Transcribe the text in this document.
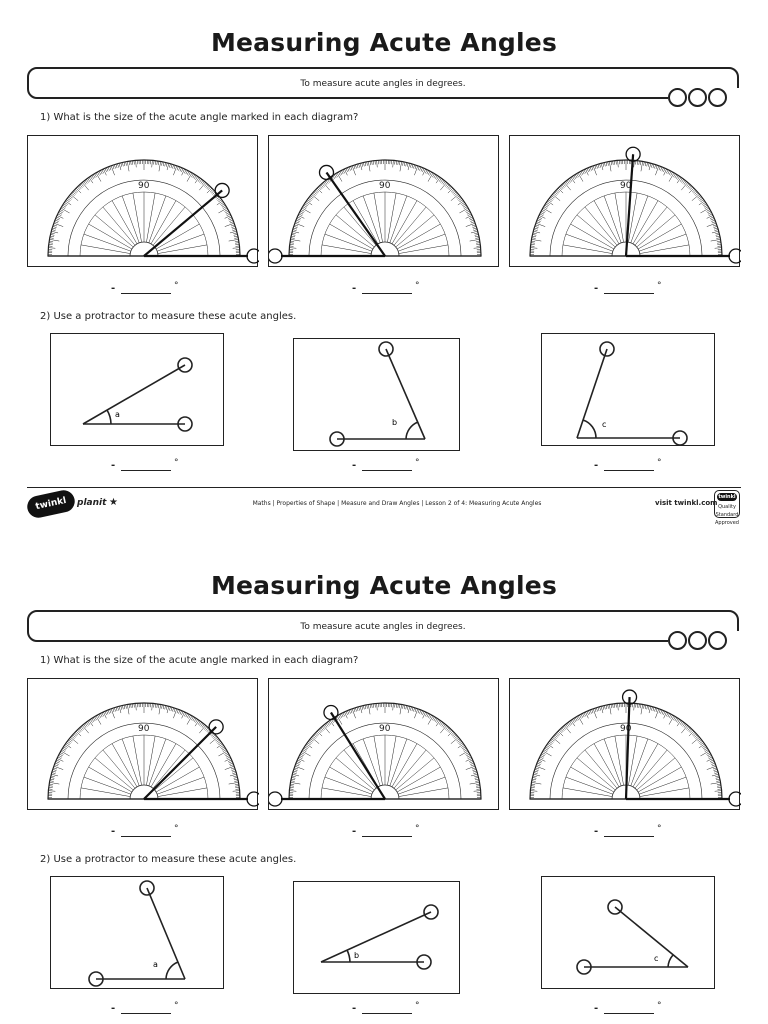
Measuring Acute Angles
To measure acute angles in degrees.
1) What is the size of the acute angle marked in each diagram?
90	90	90
-	°	-	°	-	°
2) Use a protractor to measure these acute angles.
a
b	c
-	°	-	°	-	°
twinkl	planit ★	Maths | Properties of Shape | Measure and Draw Angles | Lesson 2 of 4: Measuring Acute Angles	visit twinkl.com
twinkl
Quality Standard Approved
Measuring Acute Angles
To measure acute angles in degrees.
1) What is the size of the acute angle marked in each diagram?
90	90	90
-	°	-	°	-	°
2) Use a protractor to measure these acute angles.
a
b	c
-	°	-	°	-	°
